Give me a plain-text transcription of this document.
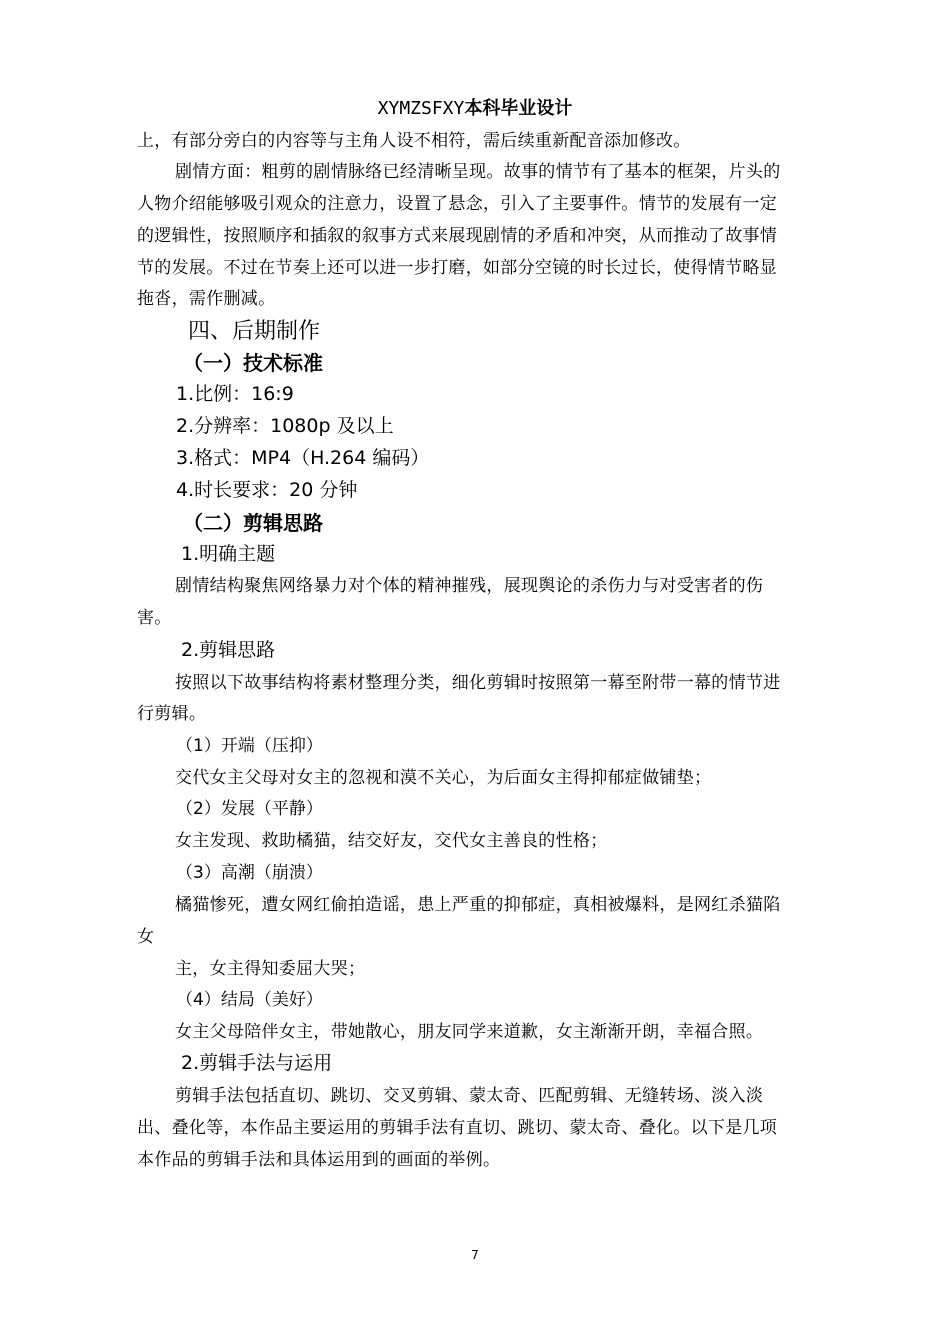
XYMZSFXY本科毕业设计

上，有部分旁白的内容等与主角人设不相符，需后续重新配音添加修改。

剧情方面：粗剪的剧情脉络已经清晰呈现。故事的情节有了基本的框架，片头的

人物介绍能够吸引观众的注意力，设置了悬念，引入了主要事件。情节的发展有一定

的逻辑性，按照顺序和插叙的叙事方式来展现剧情的矛盾和冲突，从而推动了故事情

节的发展。不过在节奏上还可以进一步打磨，如部分空镜的时长过长，使得情节略显

拖沓，需作删减。

四、后期制作
（一）技术标准

1.比例：16:9

2.分辨率：1080p 及以上

3.格式：MP4（H.264 编码）

4.时长要求：20 分钟

（二）剪辑思路

1.明确主题

剧情结构聚焦网络暴力对个体的精神摧残，展现舆论的杀伤力与对受害者的伤

害。

2.剪辑思路

按照以下故事结构将素材整理分类，细化剪辑时按照第一幕至附带一幕的情节进

行剪辑。

（1）开端（压抑）

交代女主父母对女主的忽视和漠不关心，为后面女主得抑郁症做铺垫；

（2）发展（平静）

女主发现、救助橘猫，结交好友，交代女主善良的性格；

（3）高潮（崩溃）

橘猫惨死，遭女网红偷拍造谣，患上严重的抑郁症，真相被爆料，是网红杀猫陷

女

主，女主得知委屈大哭；

（4）结局（美好）

女主父母陪伴女主，带她散心，朋友同学来道歉，女主渐渐开朗，幸福合照。

2.剪辑手法与运用

剪辑手法包括直切、跳切、交叉剪辑、蒙太奇、匹配剪辑、无缝转场、淡入淡

出、叠化等，本作品主要运用的剪辑手法有直切、跳切、蒙太奇、叠化。以下是几项

本作品的剪辑手法和具体运用到的画面的举例。

7
